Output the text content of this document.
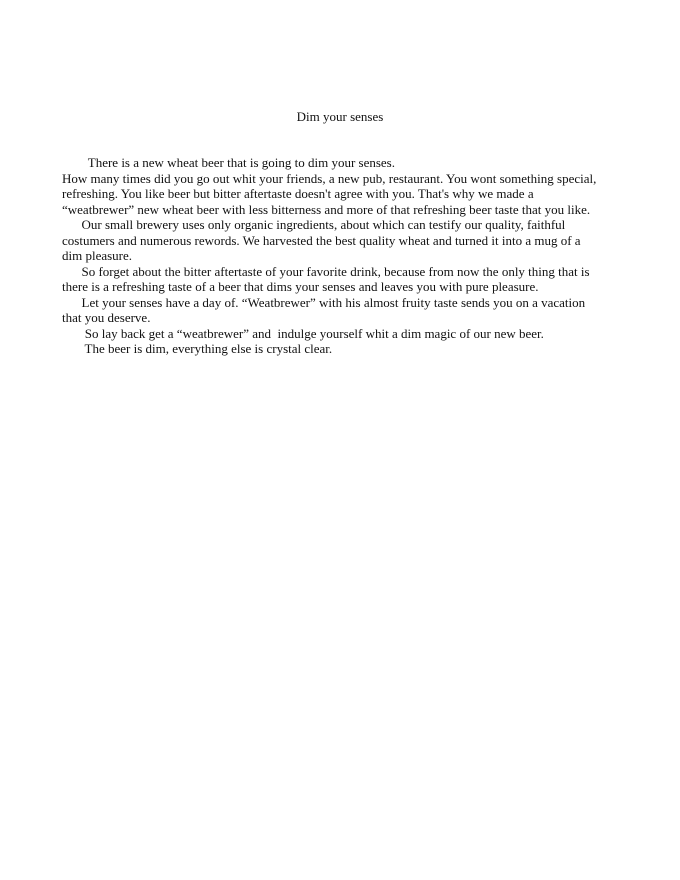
Dim your senses
There is a new wheat beer that is going to dim your senses.
How many times did you go out whit your friends, a new pub, restaurant. You wont something special,
refreshing. You like beer but bitter aftertaste doesn't agree with you. That's why we made a
“weatbrewer” new wheat beer with less bitterness and more of that refreshing beer taste that you like.
Our small brewery uses only organic ingredients, about which can testify our quality, faithful
costumers and numerous rewords. We harvested the best quality wheat and turned it into a mug of a
dim pleasure.
So forget about the bitter aftertaste of your favorite drink, because from now the only thing that is
there is a refreshing taste of a beer that dims your senses and leaves you with pure pleasure.
Let your senses have a day of. “Weatbrewer” with his almost fruity taste sends you on a vacation
that you deserve.
So lay back get a “weatbrewer” and  indulge yourself whit a dim magic of our new beer.
The beer is dim, everything else is crystal clear.
